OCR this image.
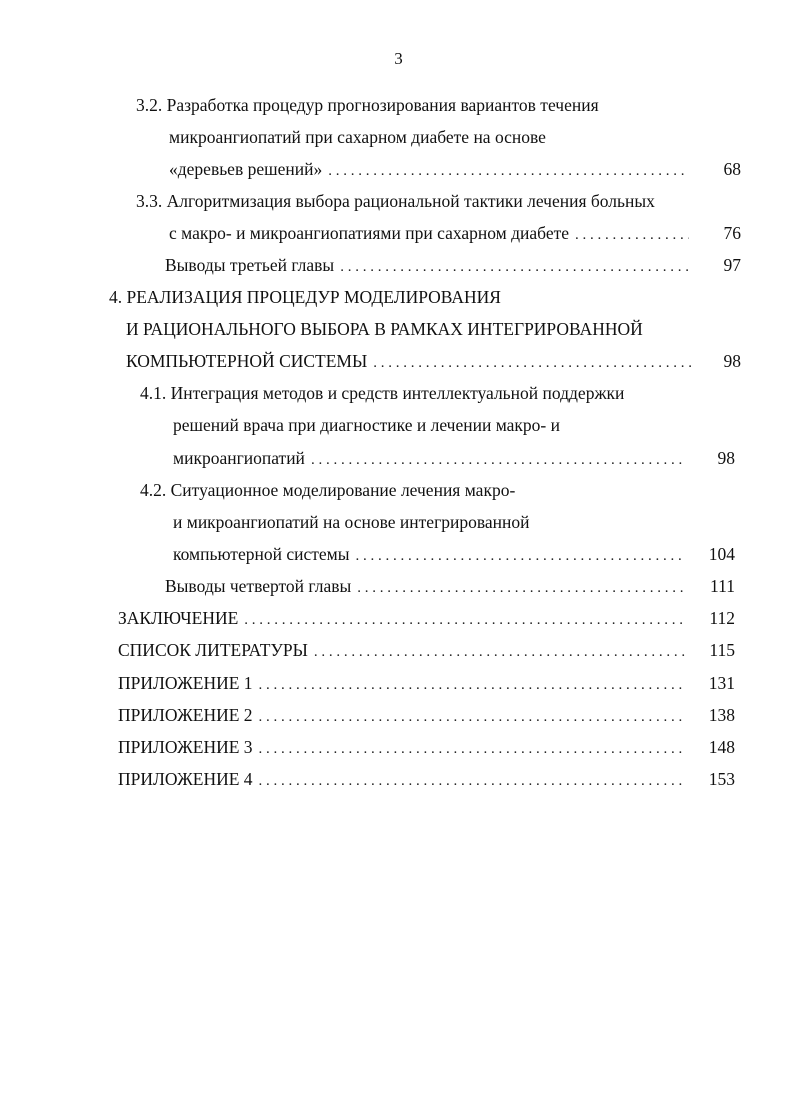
3
3.2. Разработка процедур прогнозирования вариантов течения
микроангиопатий при сахарном диабете на основе
«деревьев решений» . . .	68
3.3. Алгоритмизация выбора рациональной тактики лечения больных
с макро- и микроангиопатиями при сахарном диабете . . .	76
Выводы третьей главы . . .	97
4. РЕАЛИЗАЦИЯ ПРОЦЕДУР МОДЕЛИРОВАНИЯ
И РАЦИОНАЛЬНОГО ВЫБОРА В РАМКАХ ИНТЕГРИРОВАННОЙ
КОМПЬЮТЕРНОЙ СИСТЕМЫ . . .	98
4.1. Интеграция методов и средств интеллектуальной поддержки
решений врача при диагностике и лечении макро- и
микроангиопатий . . .	98
4.2. Ситуационное моделирование лечения макро-
и микроангиопатий на основе интегрированной
компьютерной системы . . .	104
Выводы четвертой главы . . .	111
ЗАКЛЮЧЕНИЕ . . .	112
СПИСОК ЛИТЕРАТУРЫ . . .	115
ПРИЛОЖЕНИЕ 1 . . .	131
ПРИЛОЖЕНИЕ 2 . . .	138
ПРИЛОЖЕНИЕ 3 . . .	148
ПРИЛОЖЕНИЕ 4 . . .	153
